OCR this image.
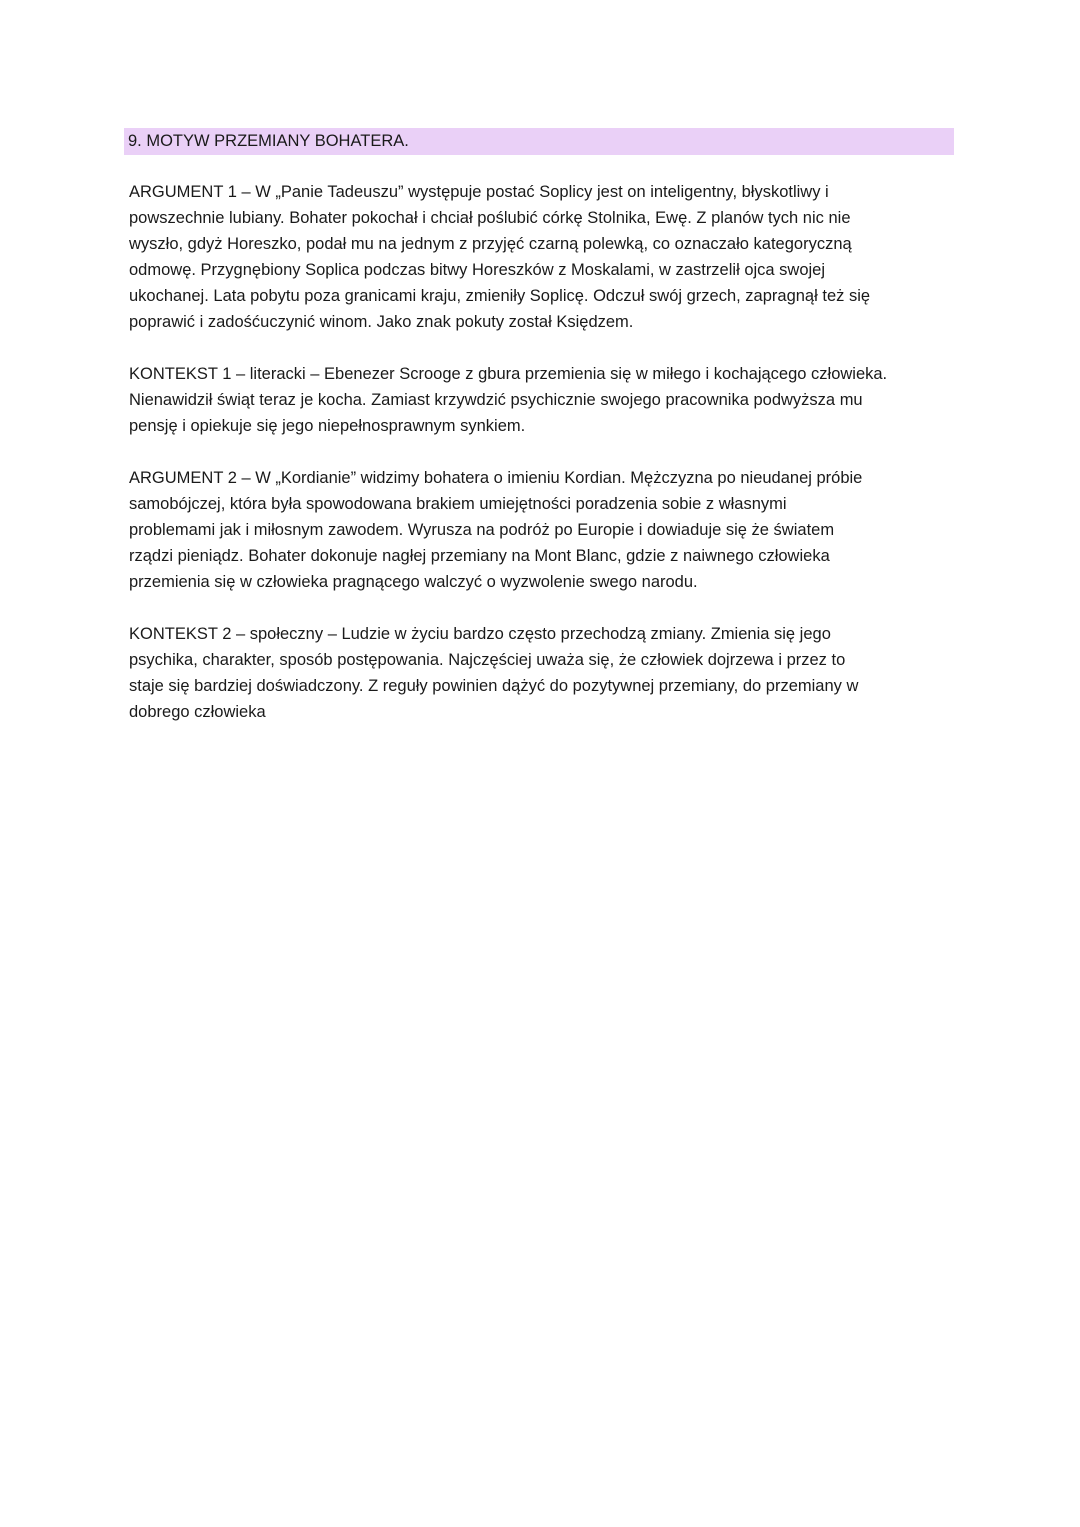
9. MOTYW PRZEMIANY BOHATERA.

ARGUMENT 1 – W „Panie Tadeuszu” występuje postać Soplicy jest on inteligentny, błyskotliwy i
powszechnie lubiany. Bohater pokochał i chciał poślubić córkę Stolnika, Ewę. Z planów tych nic nie
wyszło, gdyż Horeszko, podał mu na jednym z przyjęć czarną polewką, co oznaczało kategoryczną
odmowę. Przygnębiony Soplica podczas bitwy Horeszków z Moskalami, w zastrzelił ojca swojej
ukochanej. Lata pobytu poza granicami kraju, zmieniły Soplicę. Odczuł swój grzech, zapragnął też się
poprawić i zadośćuczynić winom. Jako znak pokuty został Księdzem.

KONTEKST 1 – literacki – Ebenezer Scrooge z gbura przemienia się w miłego i kochającego człowieka.
Nienawidził świąt teraz je kocha. Zamiast krzywdzić psychicznie swojego pracownika podwyższa mu
pensję i opiekuje się jego niepełnosprawnym synkiem.

ARGUMENT 2 – W „Kordianie” widzimy bohatera o imieniu Kordian. Mężczyzna po nieudanej próbie
samobójczej, która była spowodowana brakiem umiejętności poradzenia sobie z własnymi
problemami jak i miłosnym zawodem. Wyrusza na podróż po Europie i dowiaduje się że światem
rządzi pieniądz. Bohater dokonuje nagłej przemiany na Mont Blanc, gdzie z naiwnego człowieka
przemienia się w człowieka pragnącego walczyć o wyzwolenie swego narodu.

KONTEKST 2 – społeczny – Ludzie w życiu bardzo często przechodzą zmiany. Zmienia się jego
psychika, charakter, sposób postępowania. Najczęściej uważa się, że człowiek dojrzewa i przez to
staje się bardziej doświadczony. Z reguły powinien dążyć do pozytywnej przemiany, do przemiany w
dobrego człowieka
